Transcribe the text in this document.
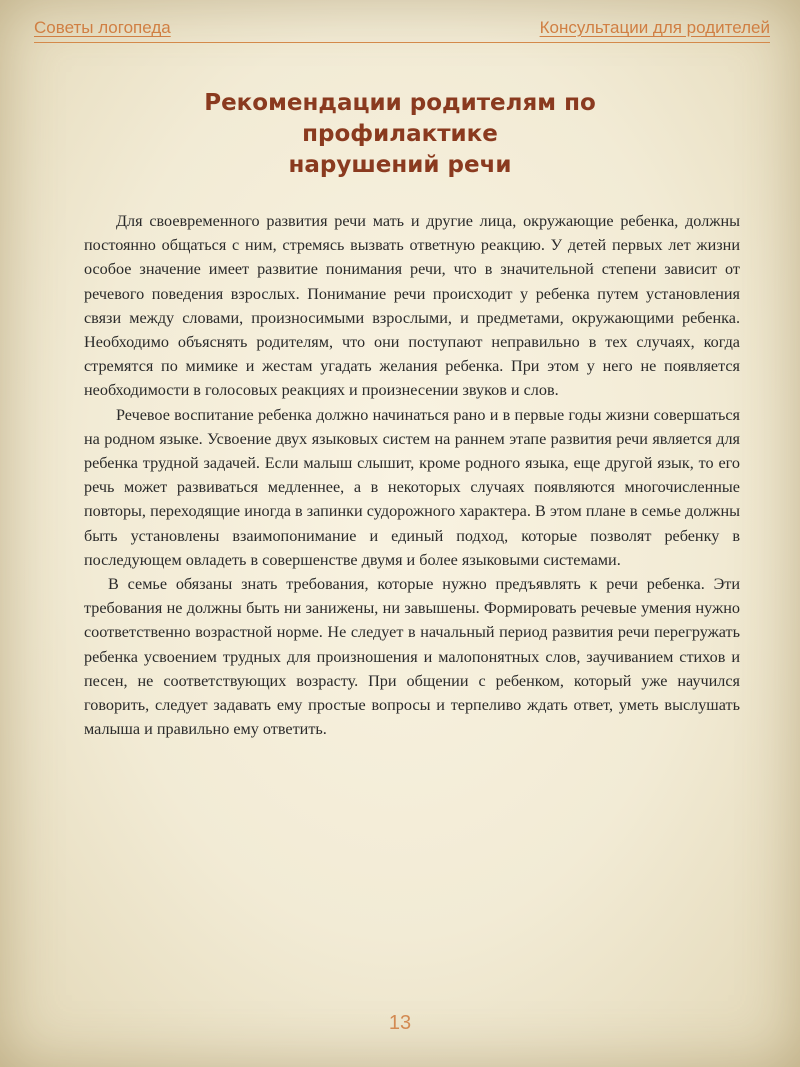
Советы логопеда	Консультации для родителей
Рекомендации родителям по
профилактике
нарушений речи

Для своевременного развития речи мать и другие лица, окружающие ребенка, должны постоянно общаться с ним, стремясь вызвать ответную реакцию. У детей первых лет жизни особое значение имеет развитие понимания речи, что в значительной степени зависит от речевого поведения взрослых. Понимание речи происходит у ребенка путем установления связи между словами, произносимыми взрослыми, и предметами, окружающими ребенка. Необходимо объяснять родителям, что они поступают неправильно в тех случаях, когда стремятся по мимике и жестам угадать желания ребенка. При этом у него не появляется необходимости в голосовых реакциях и произнесении звуков и слов.

Речевое воспитание ребенка должно начинаться рано и в первые годы жизни совершаться на родном языке. Усвоение двух языковых систем на раннем этапе развития речи является для ребенка трудной задачей. Если малыш слышит, кроме родного языка, еще другой язык, то его речь может развиваться медленнее, а в некоторых случаях появляются многочисленные повторы, переходящие иногда в запинки судорожного характера. В этом плане в семье должны быть установлены взаимопонимание и единый подход, которые позволят ребенку в последующем овладеть в совершенстве двумя и более языковыми системами.

В семье обязаны знать требования, которые нужно предъявлять к речи ребенка. Эти требования не должны быть ни занижены, ни завышены. Формировать речевые умения нужно соответственно возрастной норме. Не следует в начальный период развития речи перегружать ребенка усвоением трудных для произношения и малопонятных слов, заучиванием стихов и песен, не соответствующих возрасту. При общении с ребенком, который уже научился говорить, следует задавать ему простые вопросы и терпеливо ждать ответ, уметь выслушать малыша и правильно ему ответить.

13
